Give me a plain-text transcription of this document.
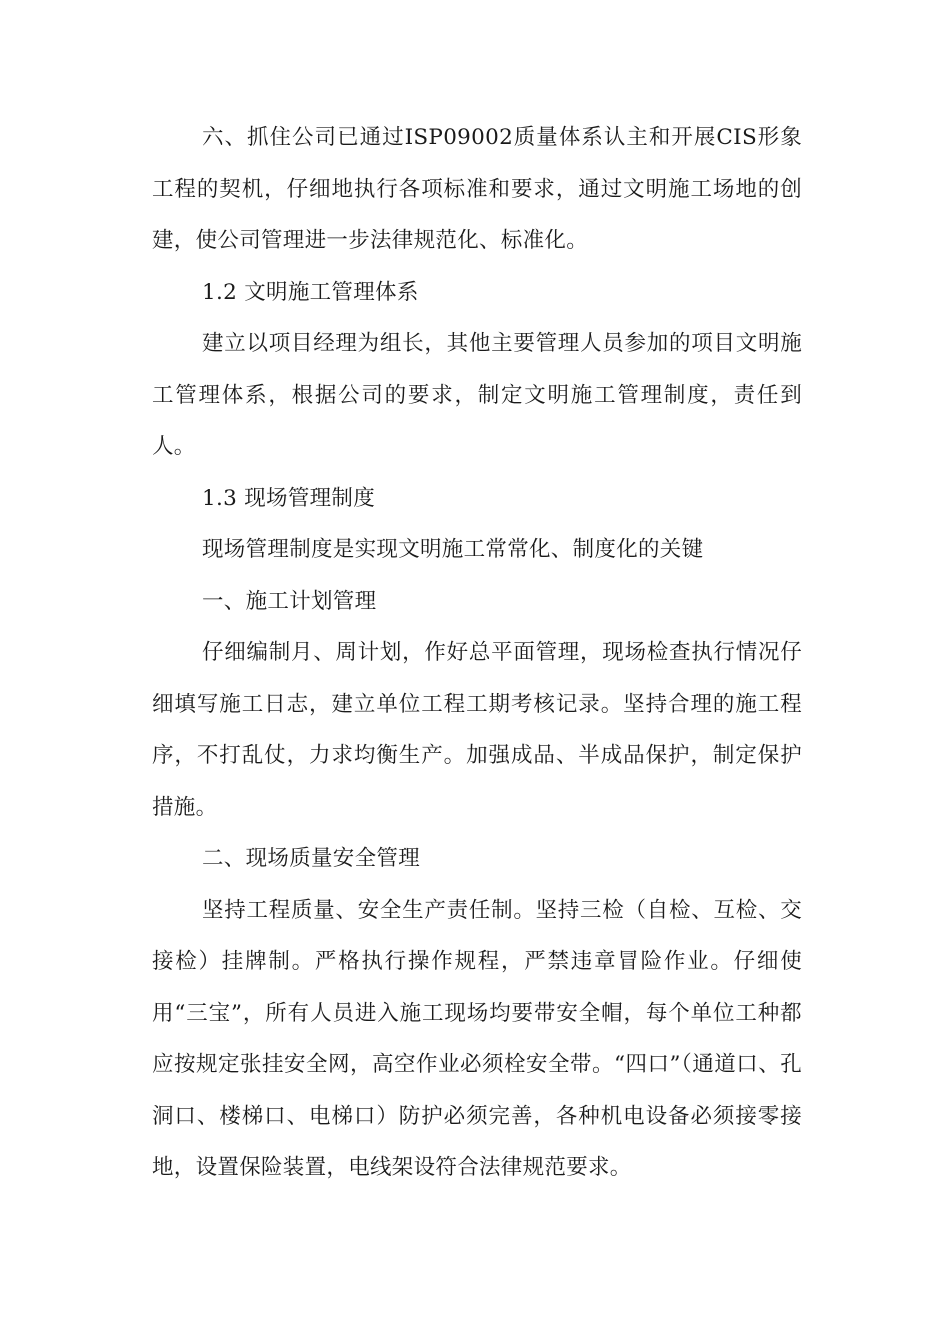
六、抓住公司已通过ISP09002质量体系认主和开展CIS形象工程的契机，仔细地执行各项标准和要求，通过文明施工场地的创建，使公司管理进一步法律规范化、标准化。

1.2 文明施工管理体系

建立以项目经理为组长，其他主要管理人员参加的项目文明施工管理体系，根据公司的要求，制定文明施工管理制度，责任到人。

1.3 现场管理制度

现场管理制度是实现文明施工常常化、制度化的关键

一、施工计划管理

仔细编制月、周计划，作好总平面管理，现场检查执行情况仔细填写施工日志，建立单位工程工期考核记录。坚持合理的施工程序，不打乱仗，力求均衡生产。加强成品、半成品保护，制定保护措施。

二、现场质量安全管理

坚持工程质量、安全生产责任制。坚持三检（自检、互检、交接检）挂牌制。严格执行操作规程，严禁违章冒险作业。仔细使用“三宝”，所有人员进入施工现场均要带安全帽，每个单位工种都应按规定张挂安全网，高空作业必须栓安全带。“四口”（通道口、孔洞口、楼梯口、电梯口）防护必须完善，各种机电设备必须接零接地，设置保险装置，电线架设符合法律规范要求。
